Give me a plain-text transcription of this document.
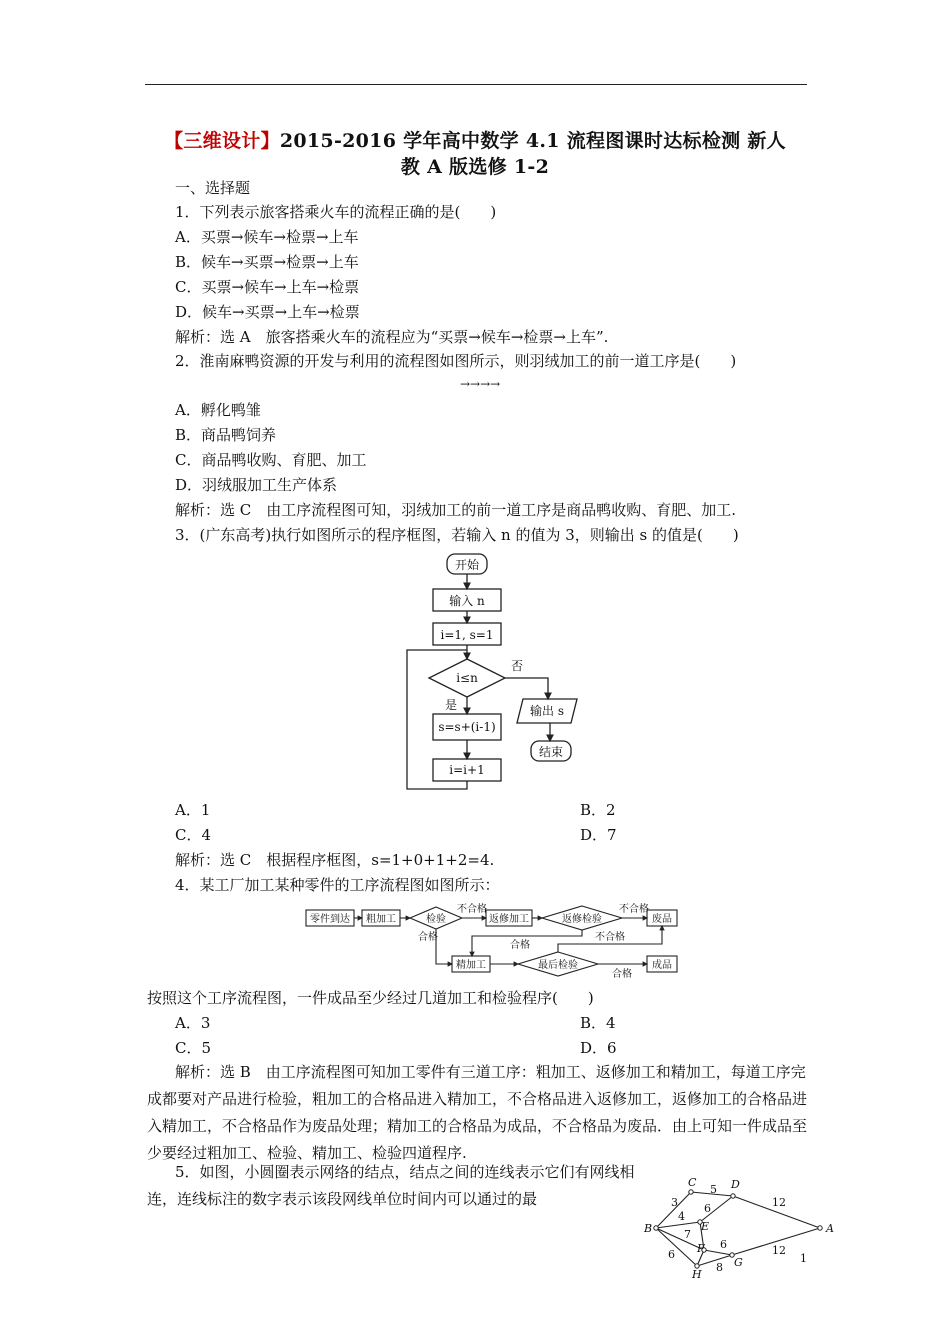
【三维设计】2015-2016 学年高中数学 4.1 流程图课时达标检测 新人
教 A 版选修 1-2
一、选择题
1．下列表示旅客搭乘火车的流程正确的是(　　)
A．买票→候车→检票→上车
B．候车→买票→检票→上车
C．买票→候车→上车→检票
D．候车→买票→上车→检票
解析：选 A　旅客搭乘火车的流程应为“买票→候车→检票→上车”.
2．淮南麻鸭资源的开发与利用的流程图如图所示，则羽绒加工的前一道工序是(　　)
→→→→
A．孵化鸭雏
B．商品鸭饲养
C．商品鸭收购、育肥、加工
D．羽绒服加工生产体系
解析：选 C　由工序流程图可知，羽绒加工的前一道工序是商品鸭收购、育肥、加工.
3．(广东高考)执行如图所示的程序框图，若输入 n 的值为 3，则输出 s 的值是(　　)
开始
输入 n
i=1, s=1
i≤n
否
是
s=s+(i-1)
i=i+1
输出 s
结束
A．1	B．2
C．4	D．7
解析：选 C　根据程序框图，s=1+0+1+2=4.
4．某工厂加工某种零件的工序流程图如图所示：
零件到达 粗加工	检验
不合格
返修加工	返修检验
不合格
废品
合格	不合格
合格
精加工	最后检验
合格
成品
按照这个工序流程图，一件成品至少经过几道加工和检验程序(　　)
A．3	B．4
C．5	D．6
解析：选 B　由工序流程图可知加工零件有三道工序：粗加工、返修加工和精加工，每道工序完成都要对产品进行检验，粗加工的合格品进入精加工，不合格品进入返修加工，返修加工的合格品进入精加工，不合格品作为废品处理；精加工的合格品为成品，不合格品为废品．由上可知一件成品至少要经过粗加工、检验、精加工、检验四道程序.
5．如图，小圆圈表示网络的结点，结点之间的连线表示它们有网线相连，连线标注的数字表示该段网线单位时间内可以通过的最
A
B
C	D
E
F
G
H
3
5
4
6	12
7
6
6	12
1
8
